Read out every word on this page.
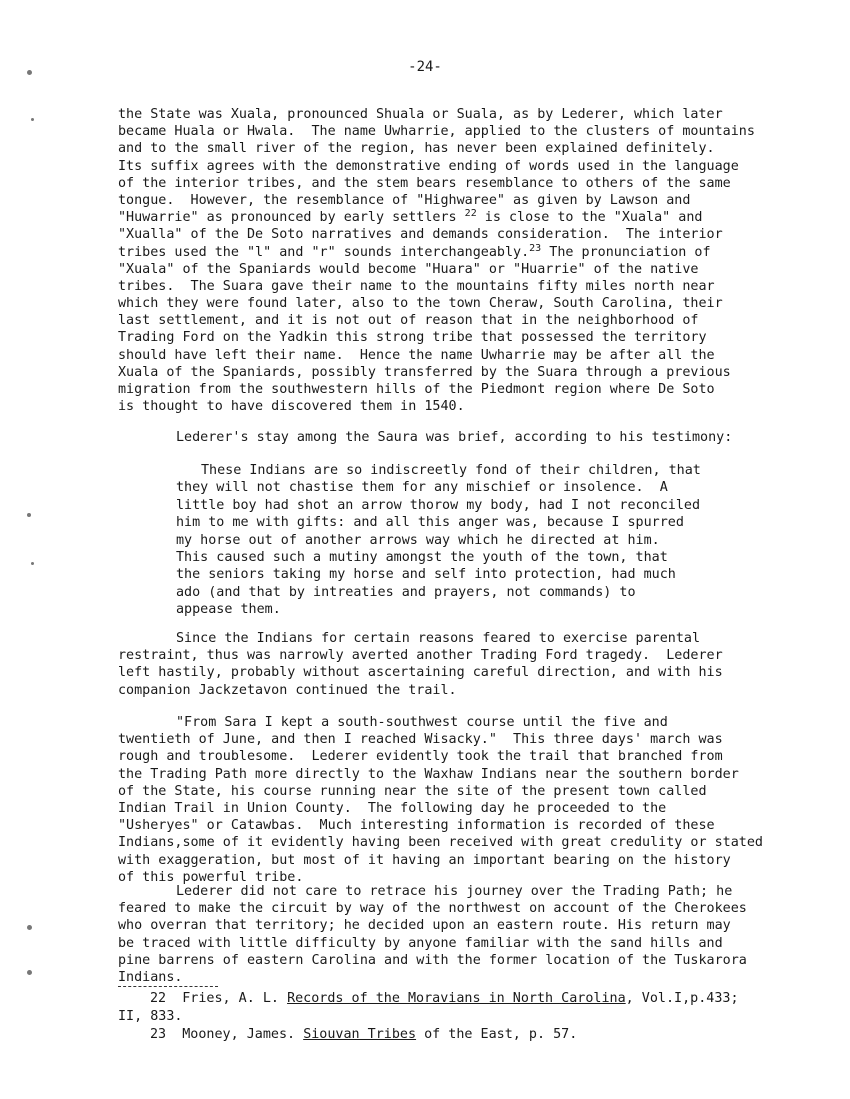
-24-
the State was Xuala, pronounced Shuala or Suala, as by Lederer, which later
became Huala or Hwala.  The name Uwharrie, applied to the clusters of mountains
and to the small river of the region, has never been explained definitely.
Its suffix agrees with the demonstrative ending of words used in the language
of the interior tribes, and the stem bears resemblance to others of the same
tongue.  However, the resemblance of "Highwaree" as given by Lawson and
"Huwarrie" as pronounced by early settlers $^{22}$ is close to the "Xuala" and
"Xualla" of the De Soto narratives and demands consideration.  The interior
tribes used the "l" and "r" sounds interchangeably.$^{23}$ The pronunciation of
"Xuala" of the Spaniards would become "Huara" or "Huarrie" of the native
tribes.  The Suara gave their name to the mountains fifty miles north near
which they were found later, also to the town Cheraw, South Carolina, their
last settlement, and it is not out of reason that in the neighborhood of
Trading Ford on the Yadkin this strong tribe that possessed the territory
should have left their name.  Hence the name Uwharrie may be after all the
Xuala of the Spaniards, possibly transferred by the Suara through a previous
migration from the southwestern hills of the Piedmont region where De Soto
is thought to have discovered them in 1540.
Lederer's stay among the Saura was brief, according to his testimony:
These Indians are so indiscreetly fond of their children, that
they will not chastise them for any mischief or insolence.  A
little boy had shot an arrow thorow my body, had I not reconciled
him to me with gifts: and all this anger was, because I spurred
my horse out of another arrows way which he directed at him.
This caused such a mutiny amongst the youth of the town, that
the seniors taking my horse and self into protection, had much
ado (and that by intreaties and prayers, not commands) to
appease them.
Since the Indians for certain reasons feared to exercise parental
restraint, thus was narrowly averted another Trading Ford tragedy.  Lederer
left hastily, probably without ascertaining careful direction, and with his
companion Jackzetavon continued the trail.
"From Sara I kept a south-southwest course until the five and
twentieth of June, and then I reached Wisacky."  This three days' march was
rough and troublesome.  Lederer evidently took the trail that branched from
the Trading Path more directly to the Waxhaw Indians near the southern border
of the State, his course running near the site of the present town called
Indian Trail in Union County.  The following day he proceeded to the
"Usheryes" or Catawbas.  Much interesting information is recorded of these
Indians,some of it evidently having been received with great credulity or stated
with exaggeration, but most of it having an important bearing on the history
of this powerful tribe.
Lederer did not care to retrace his journey over the Trading Path; he
feared to make the circuit by way of the northwest on account of the Cherokees
who overran that territory; he decided upon an eastern route. His return may
be traced with little difficulty by anyone familiar with the sand hills and
pine barrens of eastern Carolina and with the former location of the Tuskarora
Indians.
22 Fries, A. L. Records of the Moravians in North Carolina, Vol.I,p.433;
II, 833.
23 Mooney, James. Siouvan Tribes of the East, p. 57.
